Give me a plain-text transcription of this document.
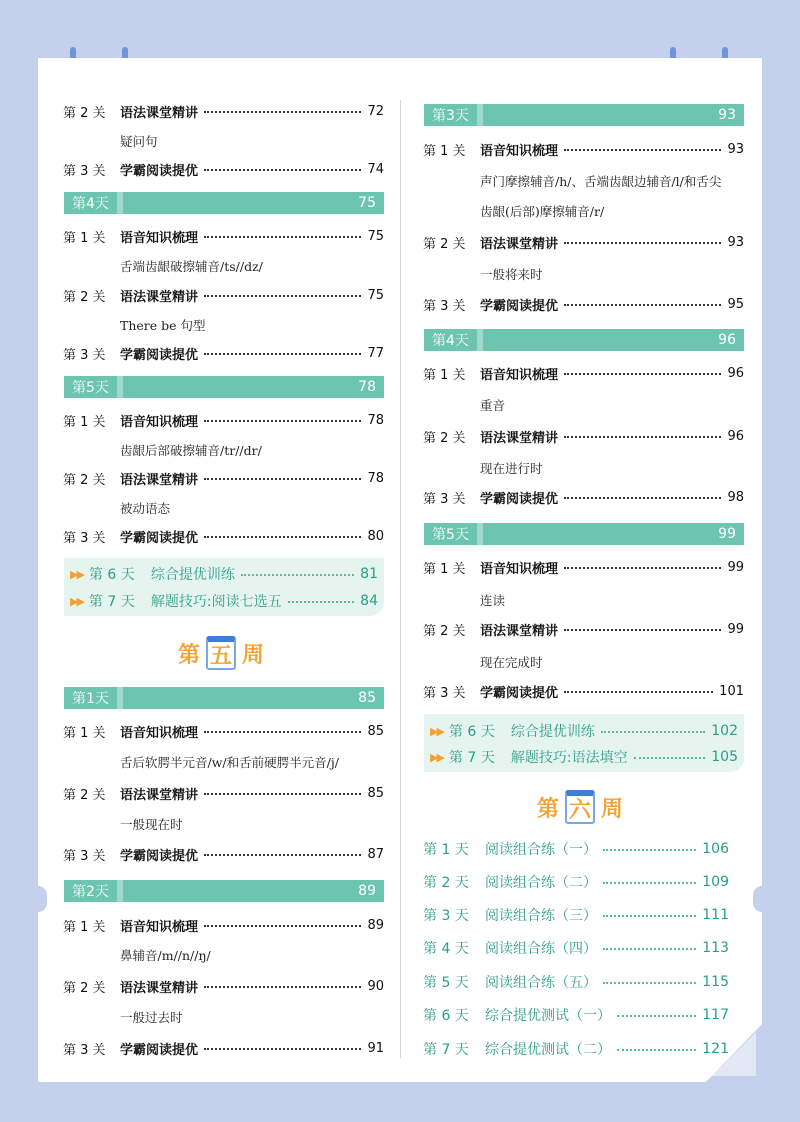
第 2 关	语法课堂精讲	72
疑问句
第 3 关	学霸阅读提优	74
第4天	75
第 1 关	语音知识梳理	75
舌端齿龈破擦辅音/ts//dz/
第 2 关	语法课堂精讲	75
There be 句型
第 3 关	学霸阅读提优	77
第5天	78
第 1 关	语音知识梳理	78
齿龈后部破擦辅音/tr//dr/
第 2 关	语法课堂精讲	78
被动语态
第 3 关	学霸阅读提优	80
▶▶ 第 6 天	综合提优训练	81
▶▶ 第 7 天	解题技巧:阅读七选五	84
第 五 周
第1天	85
第 1 关	语音知识梳理	85
舌后软腭半元音/w/和舌前硬腭半元音/j/
第 2 关	语法课堂精讲	85
一般现在时
第 3 关	学霸阅读提优	87
第2天	89
第 1 关	语音知识梳理	89
鼻辅音/m//n//ŋ/
第 2 关	语法课堂精讲	90
一般过去时
第 3 关	学霸阅读提优	91
第3天	93
第 1 关	语音知识梳理	93
声门摩擦辅音/h/、舌端齿龈边辅音/l/和舌尖
齿龈(后部)摩擦辅音/r/
第 2 关	语法课堂精讲	93
一般将来时
第 3 关	学霸阅读提优	95
第4天	96
第 1 关	语音知识梳理	96
重音
第 2 关	语法课堂精讲	96
现在进行时
第 3 关	学霸阅读提优	98
第5天	99
第 1 关	语音知识梳理	99
连读
第 2 关	语法课堂精讲	99
现在完成时
第 3 关	学霸阅读提优	101
▶▶ 第 6 天	综合提优训练	102
▶▶ 第 7 天	解题技巧:语法填空	105
第 六 周
第 1 天	阅读组合练（一）	106
第 2 天	阅读组合练（二）	109
第 3 天	阅读组合练（三）	111
第 4 天	阅读组合练（四）	113
第 5 天	阅读组合练（五）	115
第 6 天	综合提优测试（一）	117
第 7 天	综合提优测试（二）	121
